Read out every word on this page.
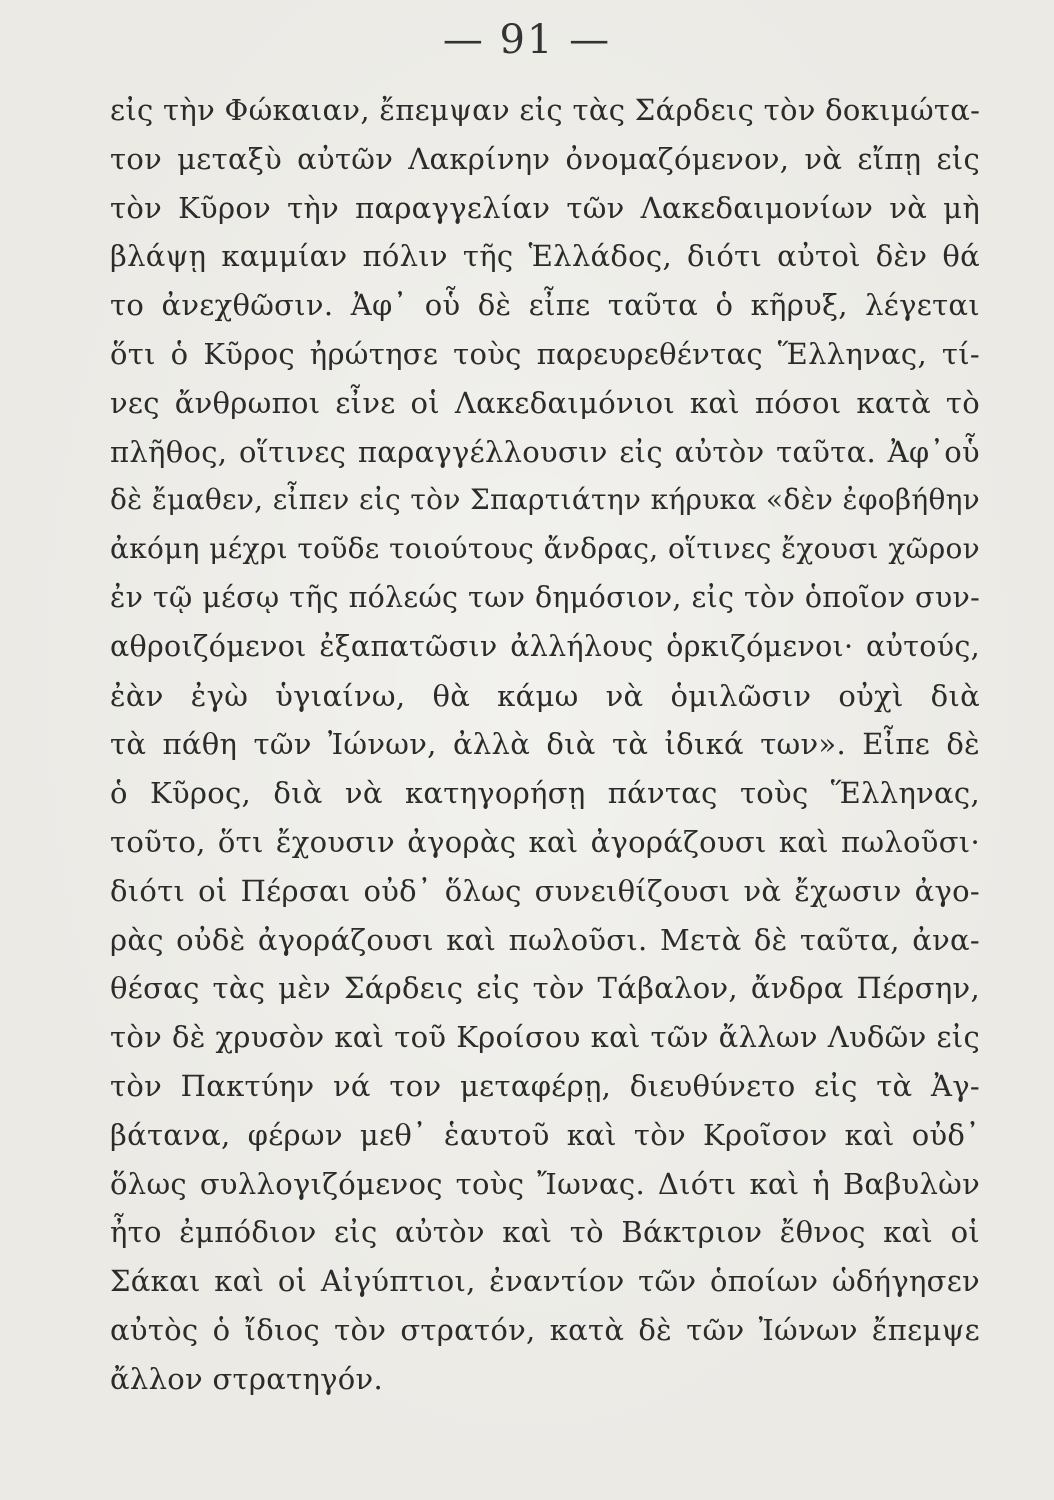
— 91 —
εἰς τὴν Φώκαιαν, ἔπεμψαν εἰς τὰς Σάρδεις τὸν δοκιμώτα-
τον μεταξὺ αὐτῶν Λακρίνην ὀνομαζόμενον, νὰ εἴπῃ εἰς
τὸν Κῦρον τὴν παραγγελίαν τῶν Λακεδαιμονίων νὰ μὴ
βλάψῃ καμμίαν πόλιν τῆς Ἑλλάδος, διότι αὐτοὶ δὲν θά
το ἀνεχθῶσιν. Ἀφ᾽ οὗ δὲ εἶπε ταῦτα ὁ κῆρυξ, λέγεται
ὅτι ὁ Κῦρος ἠρώτησε τοὺς παρευρεθέντας Ἕλληνας, τί-
νες ἄνθρωποι εἶνε οἱ Λακεδαιμόνιοι καὶ πόσοι κατὰ τὸ
πλῆθος, οἵτινες παραγγέλλουσιν εἰς αὐτὸν ταῦτα. Ἀφ᾽οὗ
δὲ ἔμαθεν, εἶπεν εἰς τὸν Σπαρτιάτην κήρυκα «δὲν ἐφοβήθην
ἀκόμη μέχρι τοῦδε τοιούτους ἄνδρας, οἵτινες ἔχουσι χῶρον
ἐν τῷ μέσῳ τῆς πόλεώς των δημόσιον, εἰς τὸν ὁποῖον συν-
αθροιζόμενοι ἐξαπατῶσιν ἀλλήλους ὁρκιζόμενοι· αὐτούς,
ἐὰν ἐγὼ ὑγιαίνω, θὰ κάμω νὰ ὁμιλῶσιν οὐχὶ διὰ
τὰ πάθη τῶν Ἰώνων, ἀλλὰ διὰ τὰ ἰδικά των». Εἶπε δὲ
ὁ Κῦρος, διὰ νὰ κατηγορήσῃ πάντας τοὺς Ἕλληνας,
τοῦτο, ὅτι ἔχουσιν ἀγορὰς καὶ ἀγοράζουσι καὶ πωλοῦσι·
διότι οἱ Πέρσαι οὐδ᾽ ὅλως συνειθίζουσι νὰ ἔχωσιν ἀγο-
ρὰς οὐδὲ ἀγοράζουσι καὶ πωλοῦσι. Μετὰ δὲ ταῦτα, ἀνα-
θέσας τὰς μὲν Σάρδεις εἰς τὸν Τάβαλον, ἄνδρα Πέρσην,
τὸν δὲ χρυσὸν καὶ τοῦ Κροίσου καὶ τῶν ἄλλων Λυδῶν εἰς
τὸν Πακτύην νά τον μεταφέρῃ, διευθύνετο εἰς τὰ Ἀγ-
βάτανα, φέρων μεθ᾽ ἑαυτοῦ καὶ τὸν Κροῖσον καὶ οὐδ᾽
ὅλως συλλογιζόμενος τοὺς Ἴωνας. Διότι καὶ ἡ Βαβυλὼν
ἦτο ἐμπόδιον εἰς αὐτὸν καὶ τὸ Βάκτριον ἔθνος καὶ οἱ
Σάκαι καὶ οἱ Αἰγύπτιοι, ἐναντίον τῶν ὁποίων ὡδήγησεν
αὐτὸς ὁ ἴδιος τὸν στρατόν, κατὰ δὲ τῶν Ἰώνων ἔπεμψε
ἄλλον στρατηγόν.
